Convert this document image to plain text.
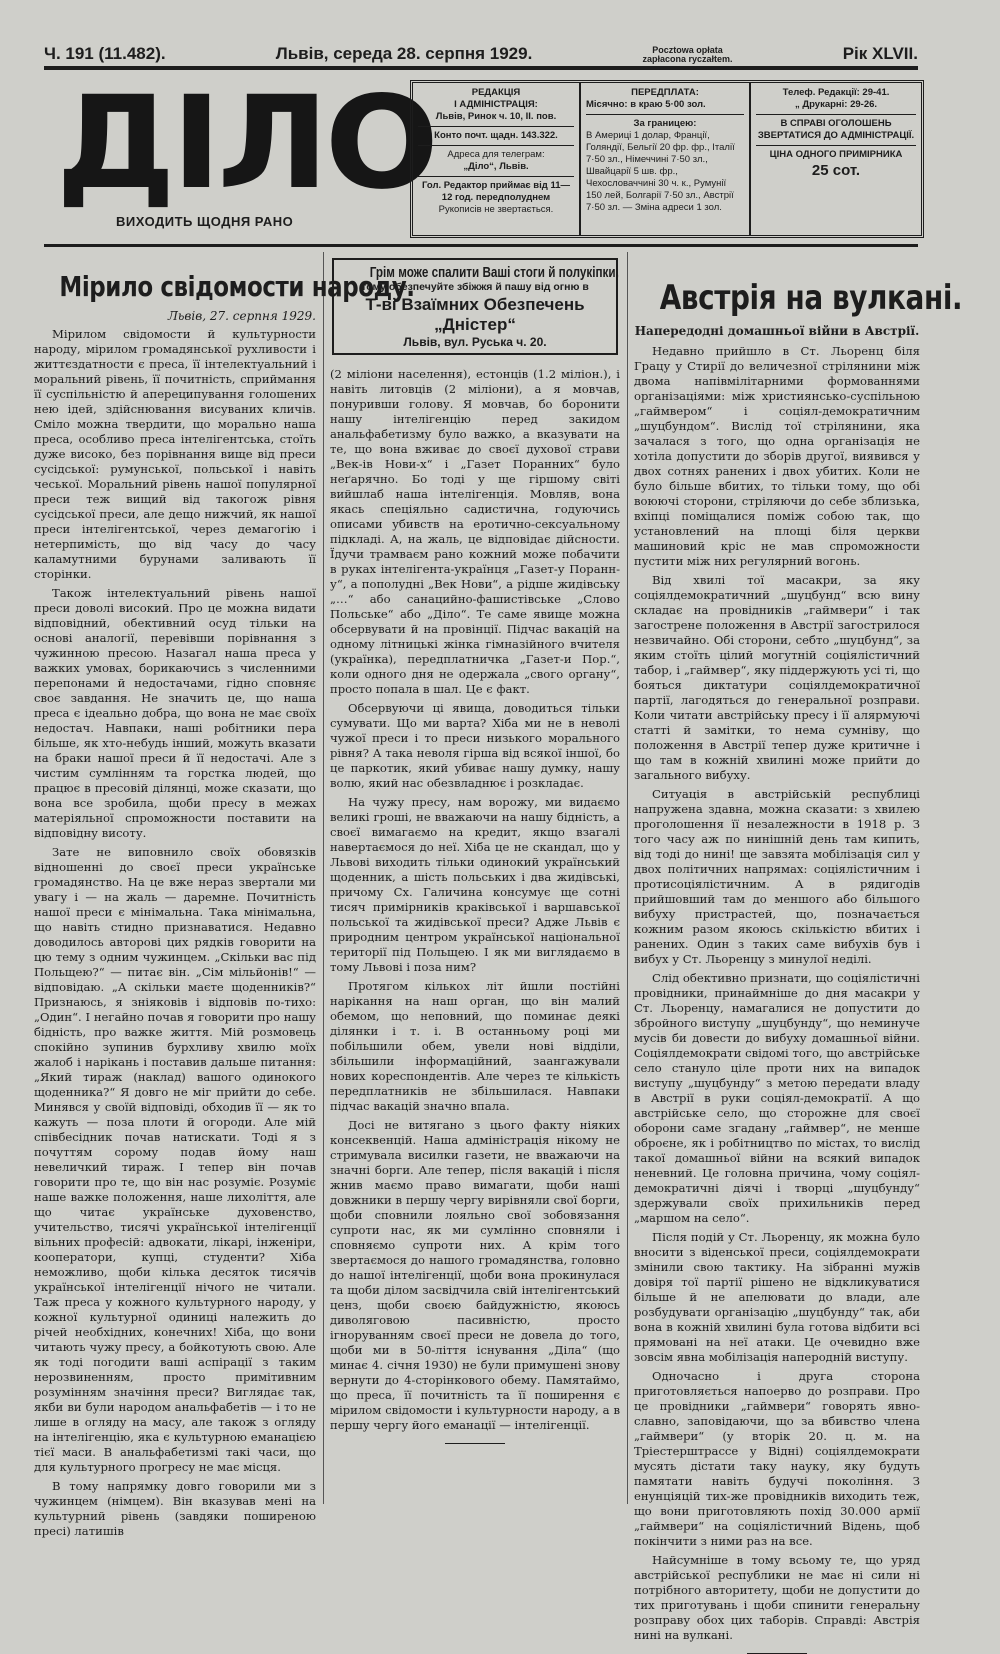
Ч. 191 (11.482).	Львів, середа 28. серпня 1929.	Pocztowa opłata
zapłacona ryczałtem.	Рік XLVII.
ДІЛО
ВИХОДИТЬ ЩОДНЯ РАНО
РЕДАКЦІЯ
І АДМІНІСТРАЦІЯ:
Львів, Ринок ч. 10, II. пов.
Конто почт. щадн. 143.322.
Адреса для телеграм:
„Діло“, Львів.
Гол. Редактор приймає від 11—12 год. передполуднем
Рукописів не звертається.
ПЕРЕДПЛАТА:
Місячно: в краю 5·00 зол.
За границею:
В Америці 1 долар, Франції, Голяндії, Бельгії 20 фр. фр., Італії 7·50 зл., Німеччині 7·50 зл., Швайцарії 5 шв. фр., Чехословаччині 30 ч. к., Румунії 150 лей, Болгарії 7·50 зл., Австрії 7·50 зл. — Зміна адреси 1 зол.
Телеф. Редакції: 29-41.
„ Друкарні: 29-26.
В СПРАВІ ОГОЛОШЕНЬ ЗВЕРТАТИСЯ ДО АДМІНІСТРАЦІЇ.
ЦІНА ОДНОГО ПРИМІРНИКА
25 сот.
Мірило свідомости народу.
Львів, 27. серпня 1929.

Мірилом свідомости й культурности народу, мірилом громадянської рухливости і життєздатности є преса, її інтелектуальний і моральний рівень, її почитність, сприймання її суспільністю й апереципування голошених нею ідей, здійснювання висуваних кличів. Сміло можна твердити, що морально наша преса, особливо преса інтелігентська, стоїть дуже високо, без порівнання вище від преси сусідської: румунської, польської і навіть чеської. Моральний рівень нашої популярної преси теж вищий від такогож рівня сусідської преси, але дещо нижчий, як нашої преси інтелігентської, через демагогію і нетерпимість, що від часу до часу каламутними бурунами заливають її сторінки.

Також інтелектуальний рівень нашої преси доволі високий. Про це можна видати відповідний, обективний осуд тільки на основі аналогії, перевівши порівнання з чужинною пресою. Назагал наша преса у важких умовах, борикаючись з численними перепонами й недостачами, гідно сповняє своє завдання. Не значить це, що наша преса є ідеально добра, що вона не має своїх недостач. Навпаки, наші робітники пера більше, як хто-небудь інший, можуть вказати на браки нашої преси й її недостачі. Але з чистим сумлінням та горстка людей, що працює в пресовій ділянці, може сказати, що вона все зробила, щоби пресу в межах матеріяльної спроможности поставити на відповідну висоту.

Зате не виповнило своїх обовязків відношенні до своєї преси українське громадянство. На це вже нераз звертали ми увагу і — на жаль — даремне. Почитність нашої преси є мінімальна. Така мінімальна, що навіть стидно признаватися. Недавно доводилось авторові цих рядків говорити на цю тему з одним чужинцем. „Скільки вас під Польщею?“ — питає він. „Сім мільйонів!“ — відповідаю. „А скільки маєте щоденників?“ Признаюсь, я зніяковів і відповів по-тихо: „Один“. І негайно почав я говорити про нашу бідність, про важке життя. Мій розмовець спокійно зупинив бурхливу хвилю моїх жалоб і нарікань і поставив дальше питання: „Який тираж (наклад) вашого одинокого щоденника?“ Я довго не міг прийти до себе. Минявся у своїй відповіді, обходив її — як то кажуть — поза плоти й огороди. Але мій співбесідник почав натискати. Тоді я з почуттям сорому подав йому наш невеличкий тираж. І тепер він почав говорити про те, що він нас розуміє. Розуміє наше важке положення, наше лихоліття, але що читає українське духовенство, учительство, тисячі української інтелігенції вільних професій: адвокати, лікарі, інженіри, кооператори, купці, студенти? Хіба неможливо, щоби кілька десяток тисячів української інтелігенції нічого не читали. Таж преса у кожного культурного народу, у кожної культурної одиниці належить до річей необхідних, конечних! Хіба, що вони читають чужу пресу, а бойкотують свою. Але як тоді погодити ваші аспірації з таким нерозвиненням, просто примітивним розумінням значіння преси? Виглядає так, якби ви були народом анальфабетів — і то не лише в огляду на масу, але також з огляду на інтелігенцію, яка є культурною еманацією тієї маси. В анальфабетизмі такі часи, що для культурного прогресу не має місця.

В тому напрямку довго говорили ми з чужинцем (німцем). Він вказував мені на культурний рівень (завдяки поширеною пресі) латишів

Грім може спалити Ваші стоги й полукіпки,
тому обезпечуйте збіжжя й пашу від огню в
Т-ві Взаїмних Обезпечень „Дністер“
Львів, вул. Руська ч. 20.

(2 міліони населення), естонців (1.2 міліон.), і навіть литовців (2 міліони), а я мовчав, понуривши голову. Я мовчав, бо боронити нашу інтелігенцію перед закидом анальфабетизму було важко, а вказувати на те, що вона вживає до своєї духової страви „Век-ів Нови-х“ і „Газет Поранних“ було неґарячно. Бо тоді у ще гіршому світі вийшлаб наша інтелігенція. Мовляв, вона якась спеціяльно садистична, годуючись описами убивств на еротично-сексуальному підкладі. А, на жаль, це відповідає дійсности. Їдучи трамваєм рано кожний може побачити в руках інтелігента-українця „Газет-у Поранн-у“, а пополудні „Век Нови“, а рідше жидівську „…“ або санацийно-фашистівське „Слово Польське“ або „Діло“. Те саме явище можна обсервувати й на провінції. Підчас вакацій на одному літницькі жінка гімназійного вчителя (українка), передплатничка „Газет-и Пор.“, коли одного дня не одержала „свого органу“, просто попала в шал. Це є факт.

Обсервуючи ці явища, доводиться тільки сумувати. Що ми варта? Хіба ми не в неволі чужої преси і то преси низького морального рівня? А така неволя гірша від всякої іншої, бо це паркотик, який убиває нашу думку, нашу волю, який нас обезвладнює і розкладає.

На чужу пресу, нам ворожу, ми видаємо великі гроші, не вважаючи на нашу бідність, а своєї вимагаємо на кредит, якщо взагалі навертаємося до неї. Хіба це не скандал, що у Львові виходить тільки одинокий український щоденник, а шість польських і два жидівські, причому Сх. Галичина консумує ще сотні тисяч примірників краківської і варшавської польської та жидівської преси? Адже Львів є природним центром української національної території під Польщею. І як ми виглядаємо в тому Львові і поза ним?

Протягом кількох літ йшли постійні нарікання на наш орган, що він малий обемом, що неповний, що поминає деякі ділянки і т. і. В останньому році ми побільшили обем, увели нові відділи, збільшили інформаційний, заангажували нових кореспондентів. Але через те кількість передплатників не збільшилася. Навпаки підчас вакацій значно впала.

Досі не витягано з цього факту ніяких консеквенцій. Наша адміністрація нікому не стримувала висилки газети, не вважаючи на значні борги. Але тепер, після вакацій і після жнив маємо право вимагати, щоби наші довжники в першу чергу вирівняли свої борги, щоби сповнили лояльно свої зобовязання супроти нас, як ми сумлінно сповняли і сповняємо супроти них. А крім того звертаємося до нашого громадянства, головно до нашої інтелігенції, щоби вона прокинулася та щоби ділом засвідчила свій інтелігентський ценз, щоби своєю байдужністю, якоюсь диволяговою пасивністю, просто ігноруванням своєї преси не довела до того, щоби ми в 50-ліття існування „Діла“ (що минає 4. січня 1930) не були примушені знову вернути до 4-сторінкового обему. Памятаймо, що преса, її почитність та її поширення є мірилом свідомости і культурности народу, а в першу чергу його еманації — інтелігенції.

Австрія на вулкані.
Напередодні домашньої війни в Австрії.

Недавно прийшло в Ст. Льоренц біля Грацу у Стирії до величезної стрілянини між двома напівмілітарними формованнями організаціями: між християнсько-суспільною „гаймвером“ і соціял-демократичним „шуцбундом“. Вислід тої стрілянини, яка зачалася з того, що одна організація не хотіла допустити до зборів другої, виявився у двох сотнях ранених і двох убитих. Коли не було більше вбитих, то тільки тому, що обі воюючі сторони, стріляючи до себе зблизька, вхіпці поміщалися поміж собою так, що установлений на площі біля церкви машиновий кріс не мав спроможности пустити між них регулярний вогонь.

Від хвилі тої масакри, за яку соціялдемократичний „шуцбунд“ всю вину складає на провідників „гаймвери“ і так загострене положення в Австрії загострилося незвичайно. Обі сторони, себто „шуцбунд“, за яким стоїть цілий могутній соціялістичний табор, і „гаймвер“, яку піддержують усі ті, що бояться диктатури соціялдемократичної партії, лагодяться до генеральної розправи. Коли читати австрійську пресу і її алярмуючі статті й замітки, то нема сумніву, що положення в Австрії тепер дуже критичне і що там в кожній хвилині може прийти до загального вибуху.

Ситуація в австрійській республиці напружена здавна, можна сказати: з хвилею проголошення її незалежности в 1918 р. З того часу аж по нинішній день там кипить, від тоді до нині! ще завзята мобілізація сил у двох політичних напрямах: соціялістичним і протисоціялістичним. А в рядигодів прийшовший там до меншого або більшого вибуху пристрастей, що, позначається кожним разом якоюсь скількістю вбитих і ранених. Один з таких саме вибухів був і вибух у Ст. Льоренцу з минулої неділі.

Слід обективно признати, що соціялістичні провідники, принаймніше до дня масакри у Ст. Льоренцу, намагалися не допустити до збройного виступу „шуцбунду“, що неминуче мусів би довести до вибуху домашньої війни. Соціялдемократи свідомі того, що австрійське село стануло ціле проти них на випадок виступу „шуцбунду“ з метою передати владу в Австрії в руки соціял-демократії. А що австрійське село, що сторожне для своєї оборони саме згадану „гаймвер“, не менше оброєне, як і робітництво по містах, то вислід такої домашньої війни на всякий випадок неневний. Це головна причина, чому соціял-демократичні діячі і творці „шуцбунду“ здержували своїх прихильників перед „маршом на село“.

Після подій у Ст. Льоренцу, як можна було вносити з віденської преси, соціялдемократи змінили свою тактику. На зібранні мужів довіря тої партії рішено не відкликуватися більше й не апелювати до влади, але розбудувати організацію „шуцбунду“ так, аби вона в кожній хвилині була готова відбити всі прямовані на неї атаки. Це очевидно вже зовсім явна мобілізація наперодній виступу.

Одночасно і друга сторона приготовляється напоерво до розправи. Про це провідники „гаймвери“ говорять явно-славно, заповідаючи, що за вбивство члена „гаймвери“ (у вторік 20. ц. м. на Тріестерштрассе у Відні) соціялдемократи мусять дістати таку науку, яку будуть памятати навіть будучі покоління. З енунціяцій тих-же провідників виходить теж, що вони приготовляють похід 30.000 армії „гаймвери“ на соціялістичний Відень, щоб покінчити з ними раз на все.

Найсумніше в тому всьому те, що уряд австрійської республики не має ні сили ні потрібного авторитету, щоби не допустити до тих приготувань і щоби спинити генеральну розправу обох цих таборів. Справді: Австрія нині на вулкані.
